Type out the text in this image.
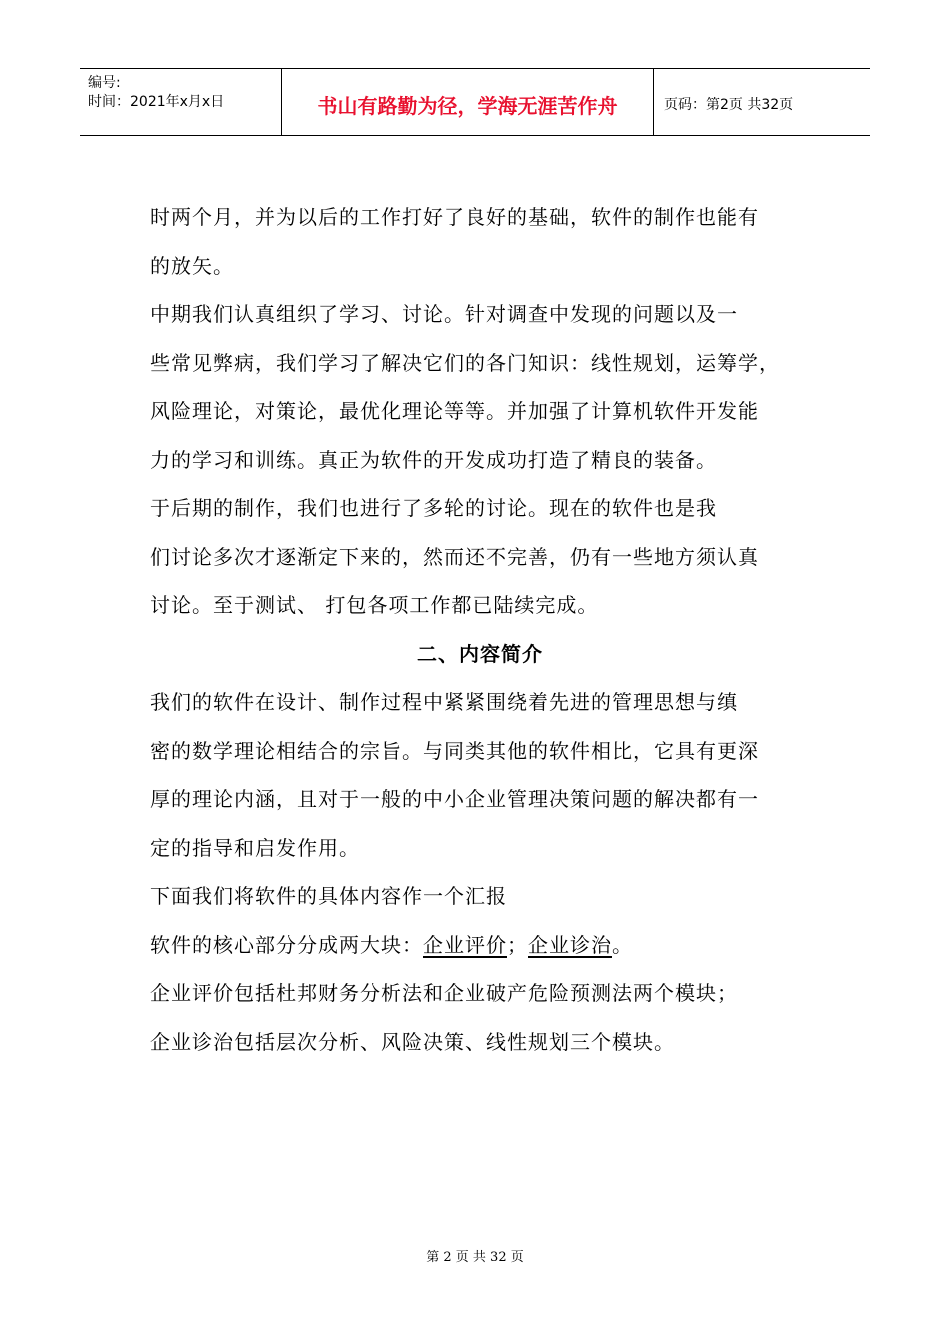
编号:
时间：2021年x月x日	书山有路勤为径，学海无涯苦作舟	页码：第2页 共32页

时两个月，并为以后的工作打好了良好的基础，软件的制作也能有

的放矢。

中期我们认真组织了学习、讨论。针对调查中发现的问题以及一

些常见弊病，我们学习了解决它们的各门知识：线性规划，运筹学，

风险理论，对策论，最优化理论等等。并加强了计算机软件开发能

力的学习和训练。真正为软件的开发成功打造了精良的装备。

于后期的制作，我们也进行了多轮的讨论。现在的软件也是我

们讨论多次才逐渐定下来的，然而还不完善，仍有一些地方须认真

讨论。至于测试、 打包各项工作都已陆续完成。

二、内容简介

我们的软件在设计、制作过程中紧紧围绕着先进的管理思想与缜

密的数学理论相结合的宗旨。与同类其他的软件相比，它具有更深

厚的理论内涵，且对于一般的中小企业管理决策问题的解决都有一

定的指导和启发作用。

下面我们将软件的具体内容作一个汇报

软件的核心部分分成两大块：企业评价；企业诊治。

企业评价包括杜邦财务分析法和企业破产危险预测法两个模块；

企业诊治包括层次分析、风险决策、线性规划三个模块。

第 2 页 共 32 页
